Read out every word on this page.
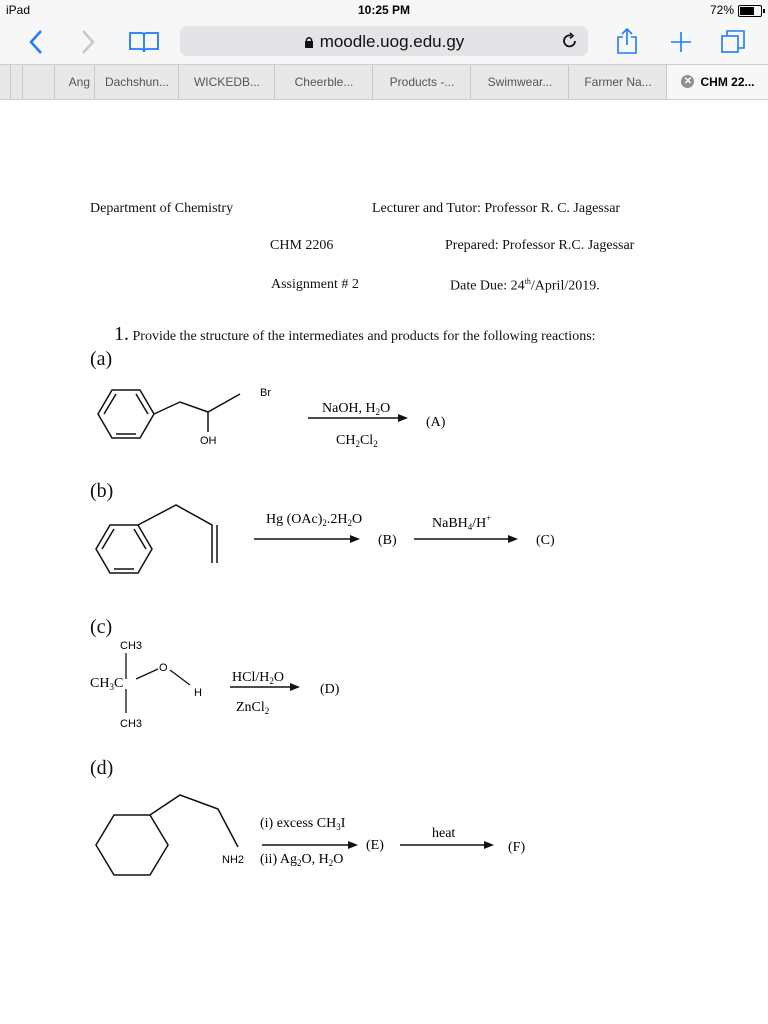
iPad	10:25 PM	72%
moodle.uog.edu.gy
Ang	Dachshun...	WICKEDB...	Cheerble...	Products -...	Swimwear...	Farmer Na...	✕ CHM 22...
Department of Chemistry	Lecturer and Tutor: Professor R. C. Jagessar
CHM 2206	Prepared: Professor R.C. Jagessar
Assignment # 2	Date Due: 24th/April/2019.
1. Provide the structure of the intermediates and products for the following reactions:
(a)
Br
OH
NaOH, $H_2O$
$CH_2Cl_2$
(A)
(b)
Hg $(OAc)_2.2H_2O$
(B)
NaBH$_4$/H+
(C)
(c)
CH3
$CH_3C$
CH3
O
H
HCl/$H_2O$
ZnCl$_2$
(D)
(d)
NH2
(i) excess $CH_3I$
(ii) $Ag_2O$, $H_2O$
(E)
heat
(F)
